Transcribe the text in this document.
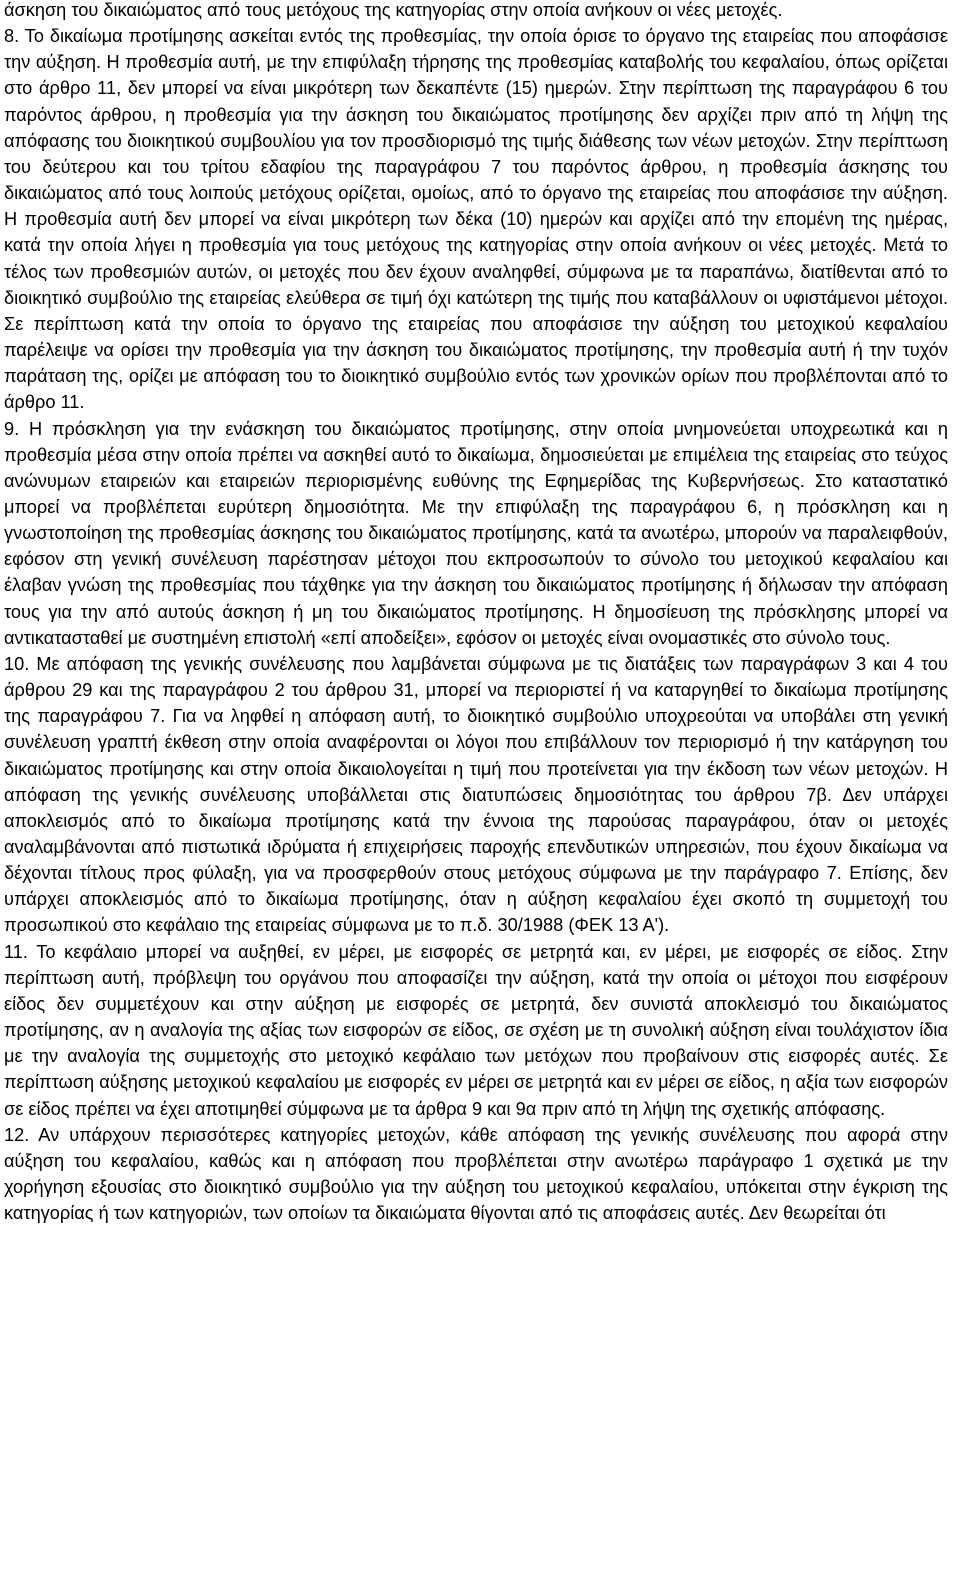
άσκηση του δικαιώματος από τους μετόχους της κατηγορίας στην οποία ανήκουν οι νέες μετοχές.

8. Το δικαίωμα προτίμησης ασκείται εντός της προθεσμίας, την οποία όρισε το όργανο της εταιρείας που αποφάσισε την αύξηση. Η προθεσμία αυτή, με την επιφύλαξη τήρησης της προθεσμίας καταβολής του κεφαλαίου, όπως ορίζεται στο άρθρο 11, δεν μπορεί να είναι μικρότερη των δεκαπέντε (15) ημερών. Στην περίπτωση της παραγράφου 6 του παρόντος άρθρου, η προθεσμία για την άσκηση του δικαιώματος προτίμησης δεν αρχίζει πριν από τη λήψη της απόφασης του διοικητικού συμβουλίου για τον προσδιορισμό της τιμής διάθεσης των νέων μετοχών. Στην περίπτωση του δεύτερου και του τρίτου εδαφίου της παραγράφου 7 του παρόντος άρθρου, η προθεσμία άσκησης του δικαιώματος από τους λοιπούς μετόχους ορίζεται, ομοίως, από το όργανο της εταιρείας που αποφάσισε την αύξηση. Η προθεσμία αυτή δεν μπορεί να είναι μικρότερη των δέκα (10) ημερών και αρχίζει από την επομένη της ημέρας, κατά την οποία λήγει η προθεσμία για τους μετόχους της κατηγορίας στην οποία ανήκουν οι νέες μετοχές. Μετά το τέλος των προθεσμιών αυτών, οι μετοχές που δεν έχουν αναληφθεί, σύμφωνα με τα παραπάνω, διατίθενται από το διοικητικό συμβούλιο της εταιρείας ελεύθερα σε τιμή όχι κατώτερη της τιμής που καταβάλλουν οι υφιστάμενοι μέτοχοι. Σε περίπτωση κατά την οποία το όργανο της εταιρείας που αποφάσισε την αύξηση του μετοχικού κεφαλαίου παρέλειψε να ορίσει την προθεσμία για την άσκηση του δικαιώματος προτίμησης, την προθεσμία αυτή ή την τυχόν παράταση της, ορίζει με απόφαση του το διοικητικό συμβούλιο εντός των χρονικών ορίων που προβλέπονται από το άρθρο 11.

9. Η πρόσκληση για την ενάσκηση του δικαιώματος προτίμησης, στην οποία μνημονεύεται υποχρεωτικά και η προθεσμία μέσα στην οποία πρέπει να ασκηθεί αυτό το δικαίωμα, δημοσιεύεται με επιμέλεια της εταιρείας στο τεύχος ανώνυμων εταιρειών και εταιρειών περιορισμένης ευθύνης της Εφημερίδας της Κυβερνήσεως. Στο καταστατικό μπορεί να προβλέπεται ευρύτερη δημοσιότητα. Με την επιφύλαξη της παραγράφου 6, η πρόσκληση και η γνωστοποίηση της προθεσμίας άσκησης του δικαιώματος προτίμησης, κατά τα ανωτέρω, μπορούν να παραλειφθούν, εφόσον στη γενική συνέλευση παρέστησαν μέτοχοι που εκπροσωπούν το σύνολο του μετοχικού κεφαλαίου και έλαβαν γνώση της προθεσμίας που τάχθηκε για την άσκηση του δικαιώματος προτίμησης ή δήλωσαν την απόφαση τους για την από αυτούς άσκηση ή μη του δικαιώματος προτίμησης. Η δημοσίευση της πρόσκλησης μπορεί να αντικατασταθεί με συστημένη επιστολή «επί αποδείξει», εφόσον οι μετοχές είναι ονομαστικές στο σύνολο τους.

10. Με απόφαση της γενικής συνέλευσης που λαμβάνεται σύμφωνα με τις διατάξεις των παραγράφων 3 και 4 του άρθρου 29 και της παραγράφου 2 του άρθρου 31, μπορεί να περιοριστεί ή να καταργηθεί το δικαίωμα προτίμησης της παραγράφου 7. Για να ληφθεί η απόφαση αυτή, το διοικητικό συμβούλιο υποχρεούται να υποβάλει στη γενική συνέλευση γραπτή έκθεση στην οποία αναφέρονται οι λόγοι που επιβάλλουν τον περιορισμό ή την κατάργηση του δικαιώματος προτίμησης και στην οποία δικαιολογείται η τιμή που προτείνεται για την έκδοση των νέων μετοχών. Η απόφαση της γενικής συνέλευσης υποβάλλεται στις διατυπώσεις δημοσιότητας του άρθρου 7β. Δεν υπάρχει αποκλεισμός από το δικαίωμα προτίμησης κατά την έννοια της παρούσας παραγράφου, όταν οι μετοχές αναλαμβάνονται από πιστωτικά ιδρύματα ή επιχειρήσεις παροχής επενδυτικών υπηρεσιών, που έχουν δικαίωμα να δέχονται τίτλους προς φύλαξη, για να προσφερθούν στους μετόχους σύμφωνα με την παράγραφο 7. Επίσης, δεν υπάρχει αποκλεισμός από το δικαίωμα προτίμησης, όταν η αύξηση κεφαλαίου έχει σκοπό τη συμμετοχή του προσωπικού στο κεφάλαιο της εταιρείας σύμφωνα με το π.δ. 30/1988 (ΦΕΚ 13 Α').

11. Το κεφάλαιο μπορεί να αυξηθεί, εν μέρει, με εισφορές σε μετρητά και, εν μέρει, με εισφορές σε είδος. Στην περίπτωση αυτή, πρόβλεψη του οργάνου που αποφασίζει την αύξηση, κατά την οποία οι μέτοχοι που εισφέρουν είδος δεν συμμετέχουν και στην αύξηση με εισφορές σε μετρητά, δεν συνιστά αποκλεισμό του δικαιώματος προτίμησης, αν η αναλογία της αξίας των εισφορών σε είδος, σε σχέση με τη συνολική αύξηση είναι τουλάχιστον ίδια με την αναλογία της συμμετοχής στο μετοχικό κεφάλαιο των μετόχων που προβαίνουν στις εισφορές αυτές. Σε περίπτωση αύξησης μετοχικού κεφαλαίου με εισφορές εν μέρει σε μετρητά και εν μέρει σε είδος, η αξία των εισφορών σε είδος πρέπει να έχει αποτιμηθεί σύμφωνα με τα άρθρα 9 και 9α πριν από τη λήψη της σχετικής απόφασης.

12. Αν υπάρχουν περισσότερες κατηγορίες μετοχών, κάθε απόφαση της γενικής συνέλευσης που αφορά στην αύξηση του κεφαλαίου, καθώς και η απόφαση που προβλέπεται στην ανωτέρω παράγραφο 1 σχετικά με την χορήγηση εξουσίας στο διοικητικό συμβούλιο για την αύξηση του μετοχικού κεφαλαίου, υπόκειται στην έγκριση της κατηγορίας ή των κατηγοριών, των οποίων τα δικαιώματα θίγονται από τις αποφάσεις αυτές. Δεν θεωρείται ότι
